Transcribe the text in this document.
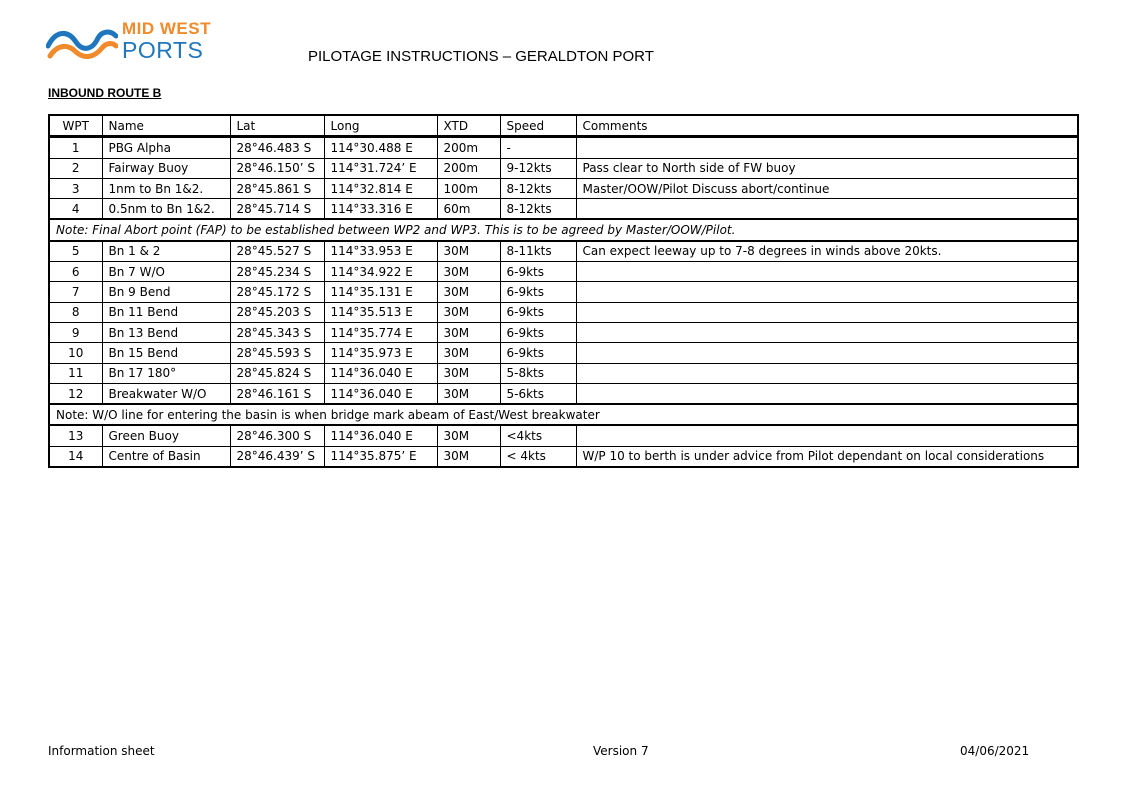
MID WEST
PORTS	PILOTAGE INSTRUCTIONS – GERALDTON PORT
INBOUND ROUTE B
WPT	Name	Lat	Long	XTD	Speed	Comments
1	PBG Alpha	28°46.483 S	114°30.488 E	200m	-	
2	Fairway Buoy	28°46.150’ S	114°31.724’ E	200m	9-12kts	Pass clear to North side of FW buoy
3	1nm to Bn 1&2.	28°45.861 S	114°32.814 E	100m	8-12kts	Master/OOW/Pilot Discuss abort/continue
4	0.5nm to Bn 1&2.	28°45.714 S	114°33.316 E	60m	8-12kts	
Note: Final Abort point (FAP) to be established between WP2 and WP3. This is to be agreed by Master/OOW/Pilot.						
5	Bn 1 & 2	28°45.527 S	114°33.953 E	30M	8-11kts	Can expect leeway up to 7-8 degrees in winds above 20kts.
6	Bn 7 W/O	28°45.234 S	114°34.922 E	30M	6-9kts	
7	Bn 9 Bend	28°45.172 S	114°35.131 E	30M	6-9kts	
8	Bn 11 Bend	28°45.203 S	114°35.513 E	30M	6-9kts	
9	Bn 13 Bend	28°45.343 S	114°35.774 E	30M	6-9kts	
10	Bn 15 Bend	28°45.593 S	114°35.973 E	30M	6-9kts	
11	Bn 17 180°	28°45.824 S	114°36.040 E	30M	5-8kts	
12	Breakwater W/O	28°46.161 S	114°36.040 E	30M	5-6kts	
Note: W/O line for entering the basin is when bridge mark abeam of East/West breakwater						
13	Green Buoy	28°46.300 S	114°36.040 E	30M	<4kts	
14	Centre of Basin	28°46.439’ S	114°35.875’ E	30M	< 4kts	W/P 10 to berth is under advice from Pilot dependant on local considerations
Information sheet	Version 7	04/06/2021
